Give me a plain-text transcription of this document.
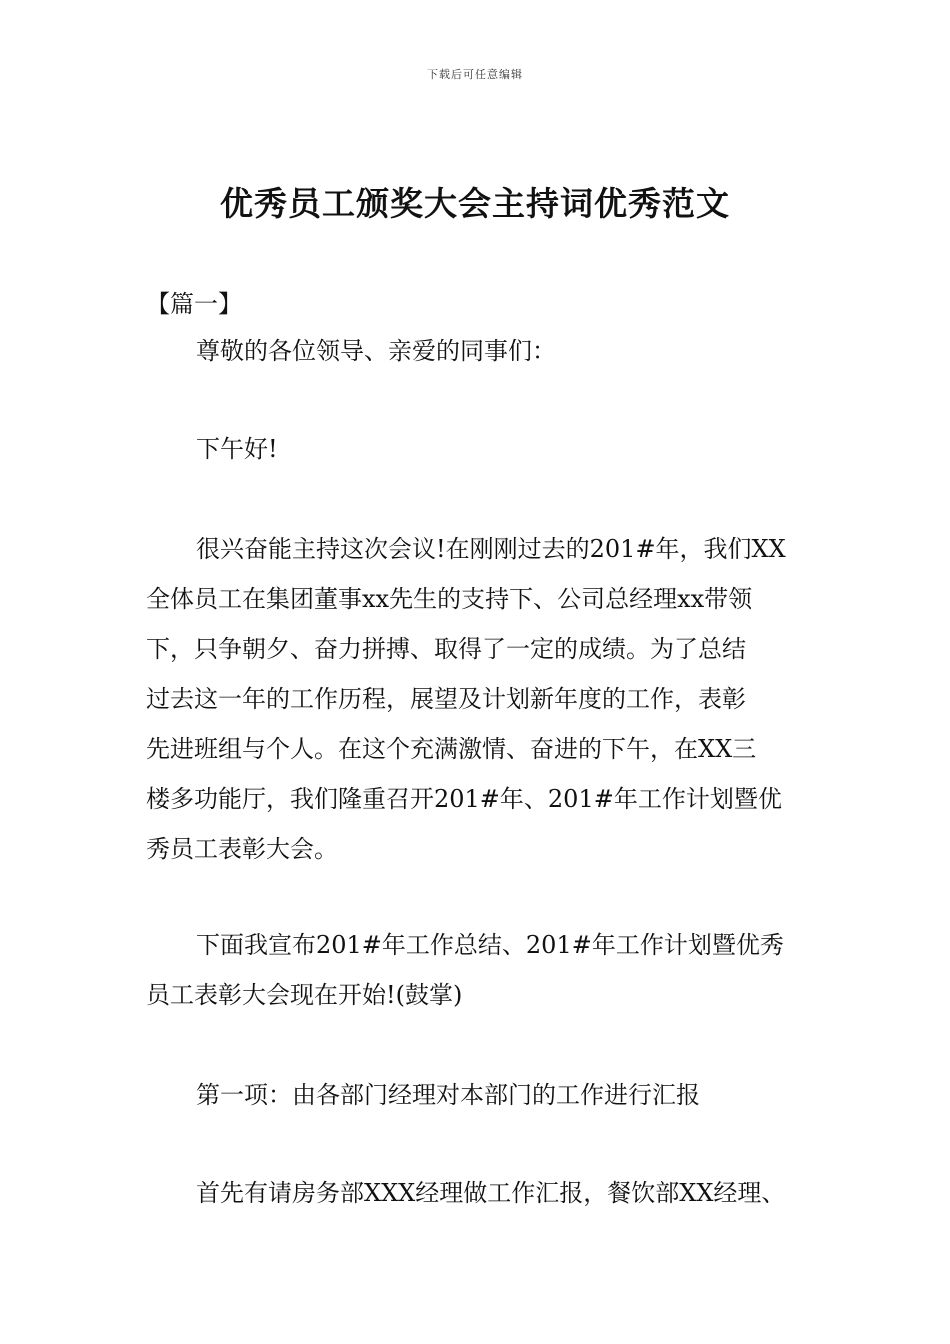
下载后可任意编辑
优秀员工颁奖大会主持词优秀范文
【篇一】

尊敬的各位领导、亲爱的同事们：

下午好!

很兴奋能主持这次会议!在刚刚过去的201#年，我们XX
全体员工在集团董事xx先生的支持下、公司总经理xx带领
下，只争朝夕、奋力拼搏、取得了一定的成绩。为了总结
过去这一年的工作历程，展望及计划新年度的工作，表彰
先进班组与个人。在这个充满激情、奋进的下午，在XX三
楼多功能厅，我们隆重召开201#年、201#年工作计划暨优
秀员工表彰大会。

下面我宣布201#年工作总结、201#年工作计划暨优秀
员工表彰大会现在开始!(鼓掌)

第一项：由各部门经理对本部门的工作进行汇报

首先有请房务部XXX经理做工作汇报，餐饮部XX经理、
